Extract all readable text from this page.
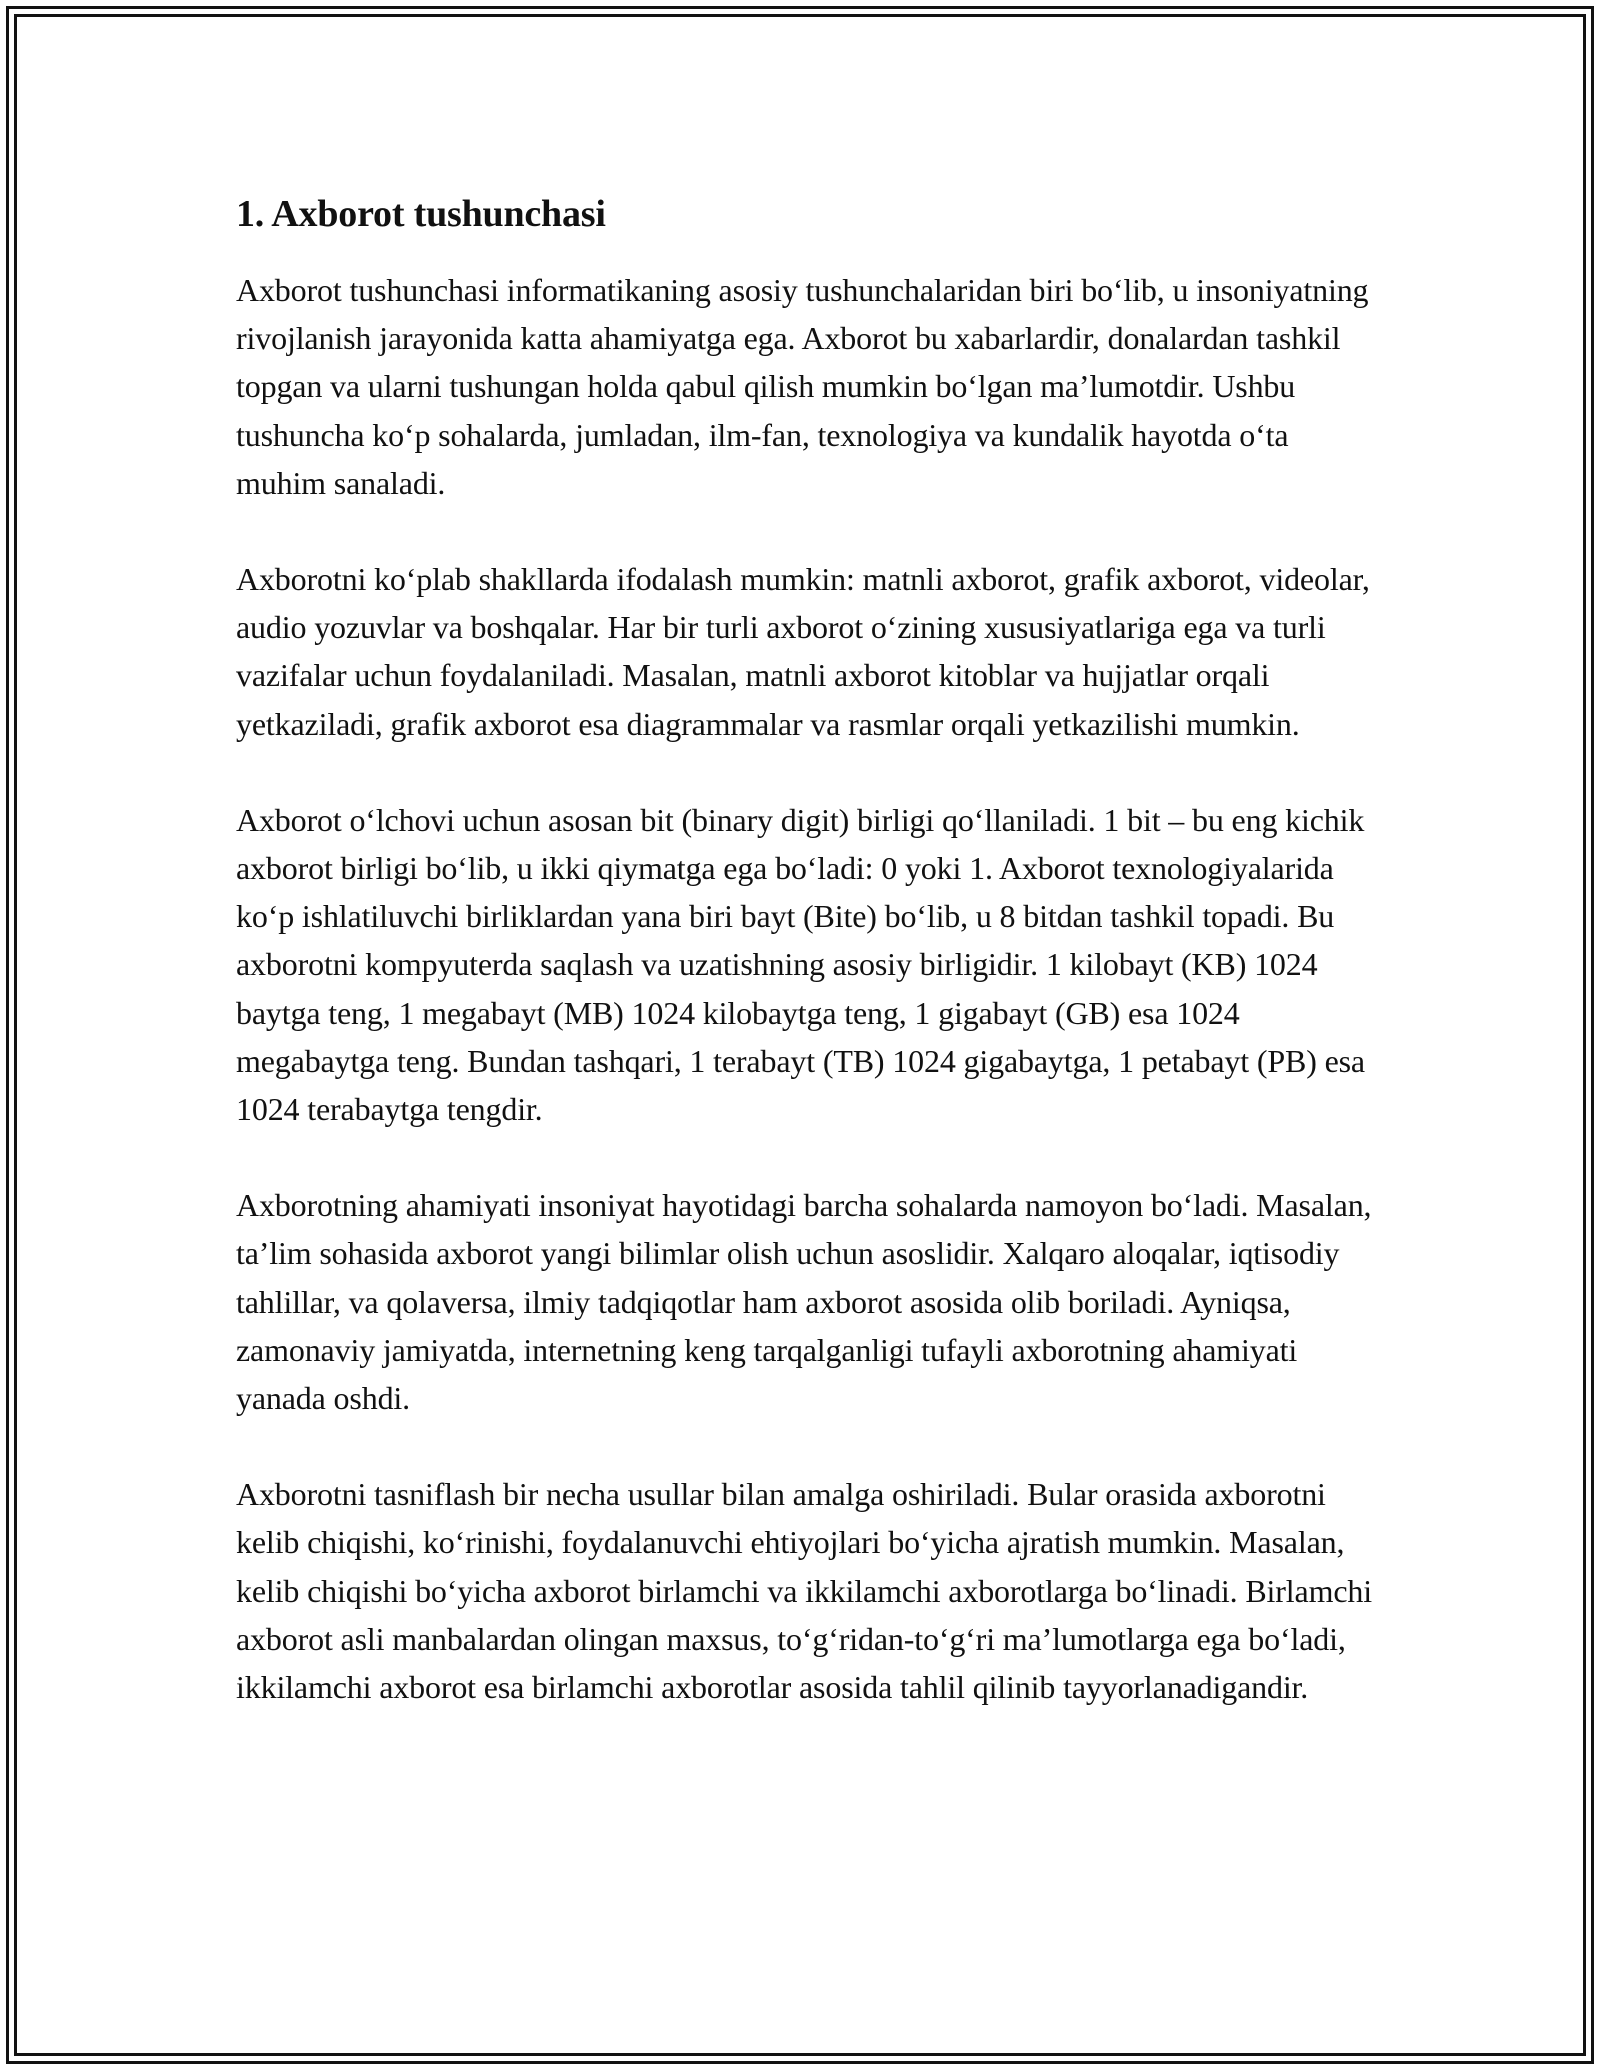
1. Axborot tushunchasi

Axborot tushunchasi informatikaning asosiy tushunchalaridan biri bo‘lib, u insoniyatning rivojlanish jarayonida katta ahamiyatga ega. Axborot bu xabarlardir, donalardan tashkil topgan va ularni tushungan holda qabul qilish mumkin bo‘lgan ma’lumotdir. Ushbu tushuncha ko‘p sohalarda, jumladan, ilm-fan, texnologiya va kundalik hayotda o‘ta muhim sanaladi.

Axborotni ko‘plab shakllarda ifodalash mumkin: matnli axborot, grafik axborot, videolar, audio yozuvlar va boshqalar. Har bir turli axborot o‘zining xususiyatlariga ega va turli vazifalar uchun foydalaniladi. Masalan, matnli axborot kitoblar va hujjatlar orqali yetkaziladi, grafik axborot esa diagrammalar va rasmlar orqali yetkazilishi mumkin.

Axborot o‘lchovi uchun asosan bit (binary digit) birligi qo‘llaniladi. 1 bit – bu eng kichik axborot birligi bo‘lib, u ikki qiymatga ega bo‘ladi: 0 yoki 1. Axborot texnologiyalarida ko‘p ishlatiluvchi birliklardan yana biri bayt (Bite) bo‘lib, u 8 bitdan tashkil topadi. Bu axborotni kompyuterda saqlash va uzatishning asosiy birligidir. 1 kilobayt (KB) 1024 baytga teng, 1 megabayt (MB) 1024 kilobaytga teng, 1 gigabayt (GB) esa 1024 megabaytga teng. Bundan tashqari, 1 terabayt (TB) 1024 gigabaytga, 1 petabayt (PB) esa 1024 terabaytga tengdir.

Axborotning ahamiyati insoniyat hayotidagi barcha sohalarda namoyon bo‘ladi. Masalan, ta’lim sohasida axborot yangi bilimlar olish uchun asoslidir. Xalqaro aloqalar, iqtisodiy tahlillar, va qolaversa, ilmiy tadqiqotlar ham axborot asosida olib boriladi. Ayniqsa, zamonaviy jamiyatda, internetning keng tarqalganligi tufayli axborotning ahamiyati yanada oshdi.

Axborotni tasniflash bir necha usullar bilan amalga oshiriladi. Bular orasida axborotni kelib chiqishi, ko‘rinishi, foydalanuvchi ehtiyojlari bo‘yicha ajratish mumkin. Masalan, kelib chiqishi bo‘yicha axborot birlamchi va ikkilamchi axborotlarga bo‘linadi. Birlamchi axborot asli manbalardan olingan maxsus, to‘g‘ridan-to‘g‘ri ma’lumotlarga ega bo‘ladi, ikkilamchi axborot esa birlamchi axborotlar asosida tahlil qilinib tayyorlanadigandir.
